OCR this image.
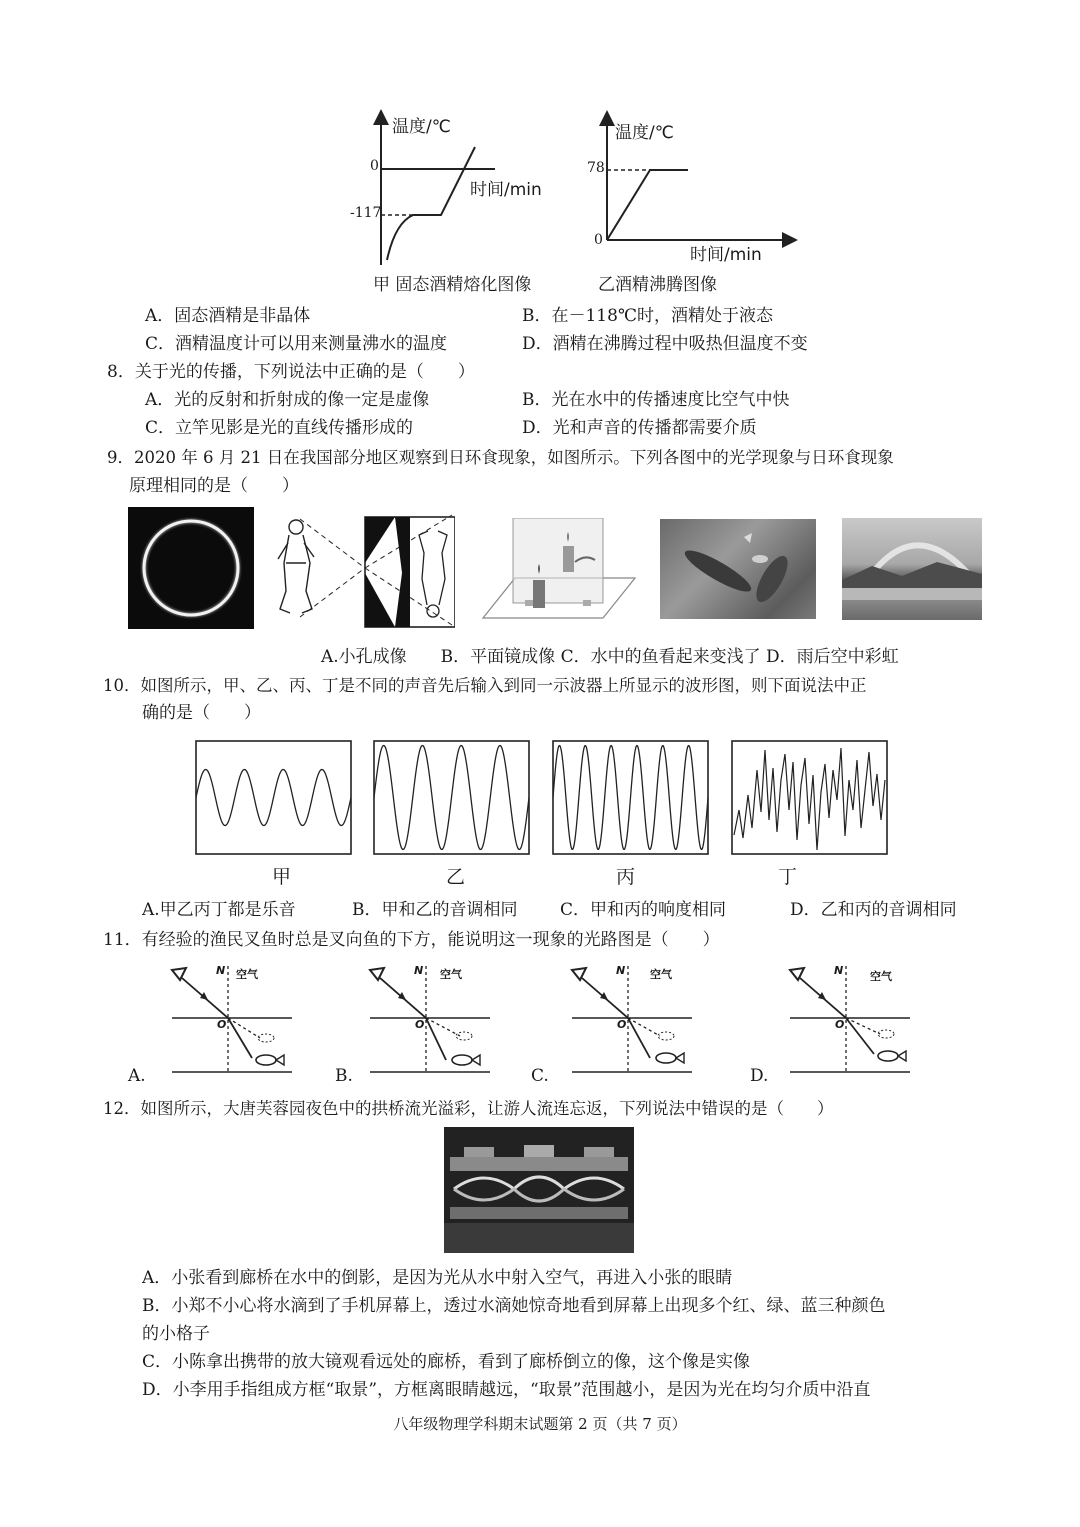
温度/℃
0
-117
时间/min
甲 固态酒精熔化图像
温度/℃
78
0
时间/min
乙酒精沸腾图像
A．固态酒精是非晶体	B．在－118℃时，酒精处于液态
C．酒精温度计可以用来测量沸水的温度	D．酒精在沸腾过程中吸热但温度不变
8．关于光的传播，下列说法中正确的是（　　）
A．光的反射和折射成的像一定是虚像	B．光在水中的传播速度比空气中快
C．立竿见影是光的直线传播形成的	D．光和声音的传播都需要介质
9．2020 年 6 月 21 日在我国部分地区观察到日环食现象，如图所示。下列各图中的光学现象与日环食现象
原理相同的是（　　）
A.小孔成像　　B．平面镜成像 C．水中的鱼看起来变浅了 D．雨后空中彩虹
10．如图所示，甲、乙、丙、丁是不同的声音先后输入到同一示波器上所显示的波形图，则下面说法中正
确的是（　　）
甲	乙	丙	丁
A.甲乙丙丁都是乐音	B．甲和乙的音调相同	C．甲和丙的响度相同	D．乙和丙的音调相同
11．有经验的渔民叉鱼时总是叉向鱼的下方，能说明这一现象的光路图是（　　）
N 空气
O
N 空气
O
N 空气
O
N 空气
O
A.	B.	C.	D.
12．如图所示，大唐芙蓉园夜色中的拱桥流光溢彩，让游人流连忘返，下列说法中错误的是（　　）
A．小张看到廊桥在水中的倒影，是因为光从水中射入空气，再进入小张的眼睛
B．小郑不小心将水滴到了手机屏幕上，透过水滴她惊奇地看到屏幕上出现多个红、绿、蓝三种颜色
的小格子
C．小陈拿出携带的放大镜观看远处的廊桥，看到了廊桥倒立的像，这个像是实像
D．小李用手指组成方框“取景”，方框离眼睛越远，“取景”范围越小，是因为光在均匀介质中沿直
八年级物理学科期末试题第 2 页（共 7 页）
